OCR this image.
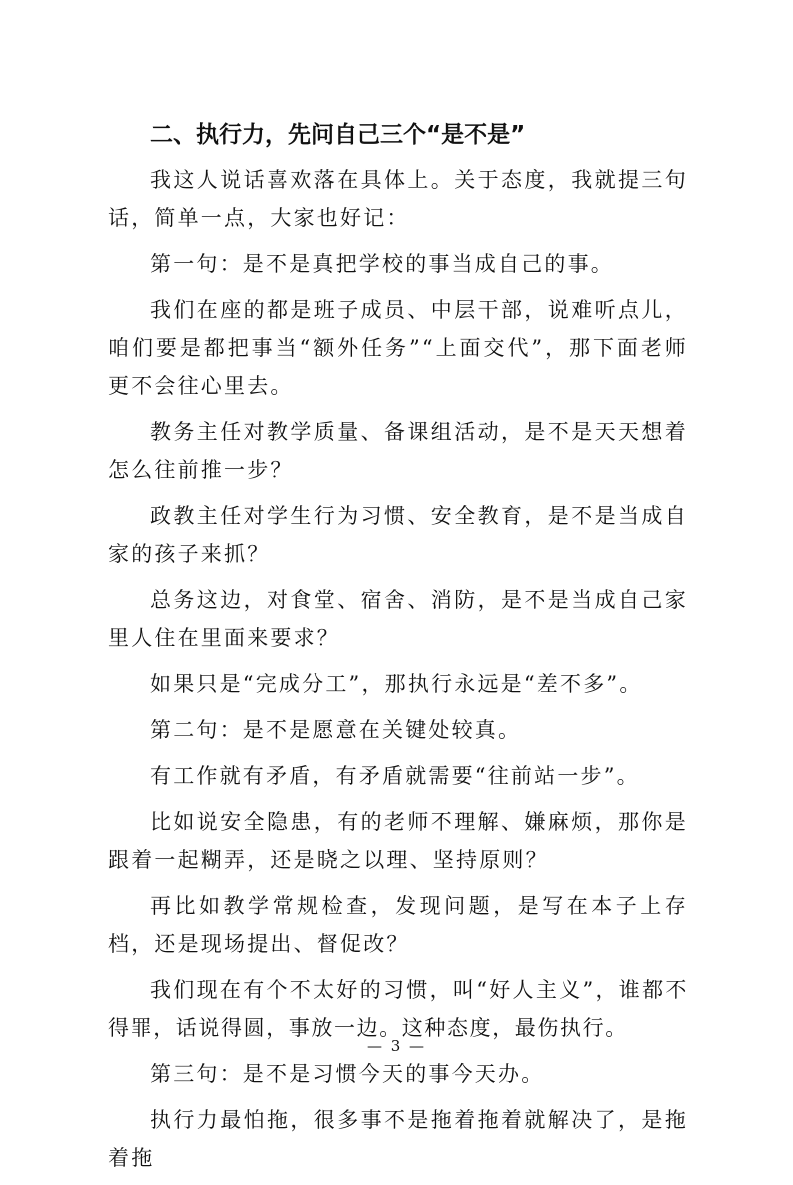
二、执行力，先问自己三个“是不是”

我这人说话喜欢落在具体上。关于态度，我就提三句话，简单一点，大家也好记：

第一句：是不是真把学校的事当成自己的事。

我们在座的都是班子成员、中层干部，说难听点儿，咱们要是都把事当“额外任务”“上面交代”，那下面老师更不会往心里去。

教务主任对教学质量、备课组活动，是不是天天想着怎么往前推一步？

政教主任对学生行为习惯、安全教育，是不是当成自家的孩子来抓？

总务这边，对食堂、宿舍、消防，是不是当成自己家里人住在里面来要求？

如果只是“完成分工”，那执行永远是“差不多”。

第二句：是不是愿意在关键处较真。

有工作就有矛盾，有矛盾就需要“往前站一步”。

比如说安全隐患，有的老师不理解、嫌麻烦，那你是跟着一起糊弄，还是晓之以理、坚持原则？

再比如教学常规检查，发现问题，是写在本子上存档，还是现场提出、督促改？

我们现在有个不太好的习惯，叫“好人主义”，谁都不得罪，话说得圆，事放一边。这种态度，最伤执行。

第三句：是不是习惯今天的事今天办。

执行力最怕拖，很多事不是拖着拖着就解决了，是拖着拖

— 3 —
